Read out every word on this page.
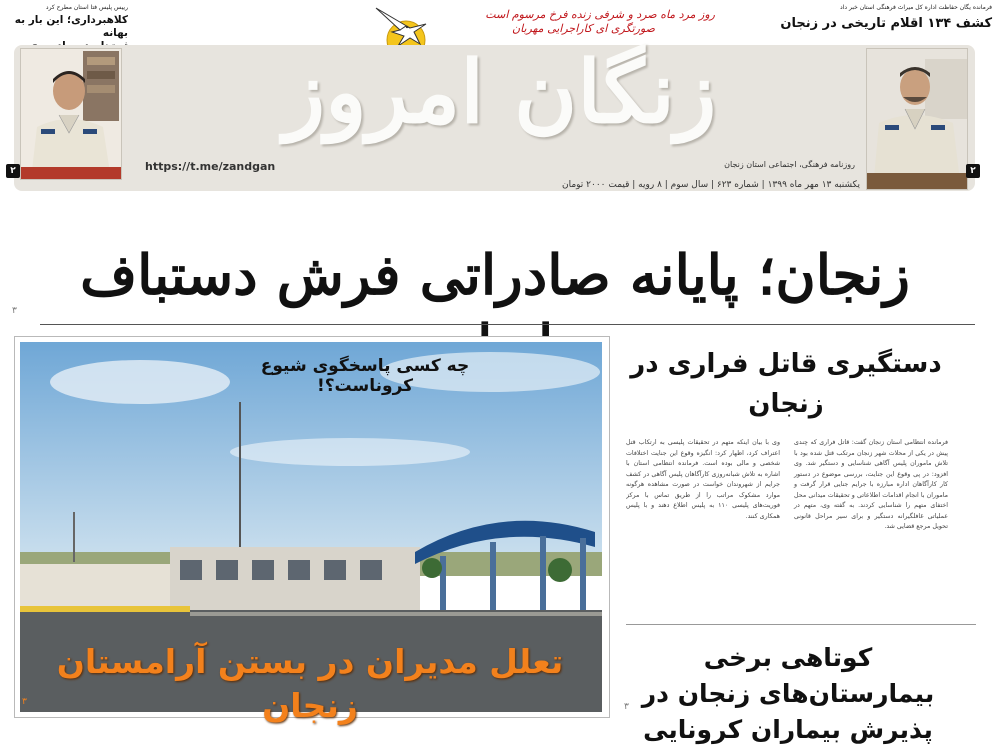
رییس پلیس فتا استان مطرح کرد
کلاهبرداری؛ این بار به بهانه
فرمانده یگان حفاظت اداره کل میراث فرهنگی استان خبر داد
کشف ۱۳۴ اقلام تاریخی در زنجان
روز مرد ماه صرد و شرفی زنده فرخ مرسوم است
صورتگری ای کاراجرایی مهربان
زنگان امروز
https://t.me/zandgan	روزنامه فرهنگی، اجتماعی استان زنجان
یکشنبه ۱۳ مهر ماه ۱۳۹۹ | شماره ۶۲۳ | سال سوم | ۸ رویه | قیمت ۲۰۰۰ تومان
۲	۲
زنجان؛ پایانه صادراتی فرش دستباف
۳
چه کسی پاسخگوی شیوع کروناست؟!
تعلل مدیران در بستن آرامستان زنجان
۳
دستگیری قاتل فراری در زنجان
فرمانده انتظامی استان زنجان گفت: قاتل فراری که چندی پیش در یکی از محلات شهر زنجان مرتکب قتل شده بود با تلاش ماموران پلیس آگاهی شناسایی و دستگیر شد. وی افزود: در پی وقوع این جنایت، بررسی موضوع در دستور کار کارآگاهان اداره مبارزه با جرایم جنایی قرار گرفت و ماموران با انجام اقدامات اطلاعاتی و تحقیقات میدانی محل اختفای متهم را شناسایی کردند. به گفته وی، متهم در عملیاتی غافلگیرانه دستگیر و برای سیر مراحل قانونی تحویل مرجع قضایی شد.
وی با بیان اینکه متهم در تحقیقات پلیسی به ارتکاب قتل اعتراف کرد، اظهار کرد: انگیزه وقوع این جنایت اختلافات شخصی و مالی بوده است. فرمانده انتظامی استان با اشاره به تلاش شبانه‌روزی کارآگاهان پلیس آگاهی در کشف جرایم از شهروندان خواست در صورت مشاهده هرگونه موارد مشکوک مراتب را از طریق تماس با مرکز فوریت‌های پلیسی ۱۱۰ به پلیس اطلاع دهند و با پلیس همکاری کنند.
کوتاهی برخی بیمارستان‌های زنجان در پذیرش بیماران کرونایی
۳
